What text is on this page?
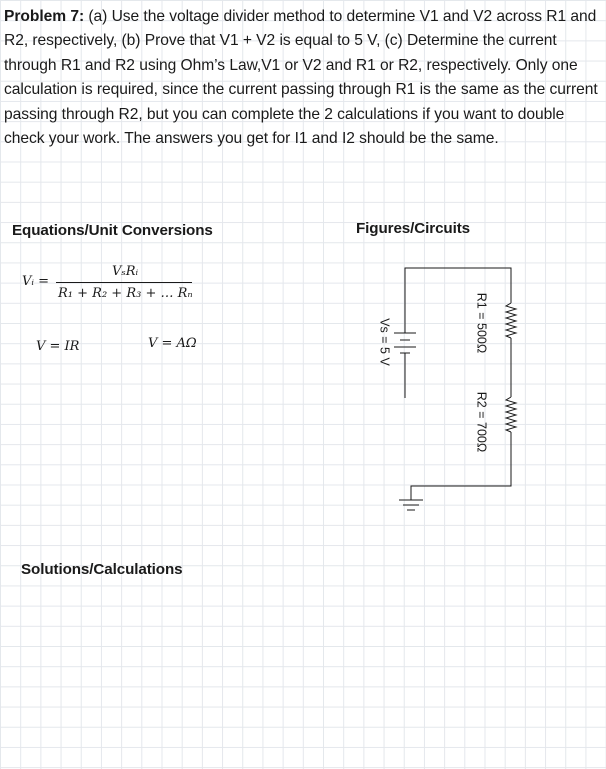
Problem 7: (a) Use the voltage divider method to determine V1 and V2 across R1 and R2, respectively, (b) Prove that V1 + V2 is equal to 5 V, (c) Determine the current through R1 and R2 using Ohm’s Law,V1 or V2 and R1 or R2, respectively. Only one calculation is required, since the current passing through R1 is the same as the current passing through R2, but you can complete the 2 calculations if you want to double check your work. The answers you get for I1 and I2 should be the same.
Equations/Unit Conversions	Figures/Circuits
Solutions/Calculations
Vᵢ =
VₛRᵢ
R₁ + R₂ + R₃ + … Rₙ
V = IR	V = AΩ	Vs = 5 V	R1 = 500Ω
R2 = 700Ω
